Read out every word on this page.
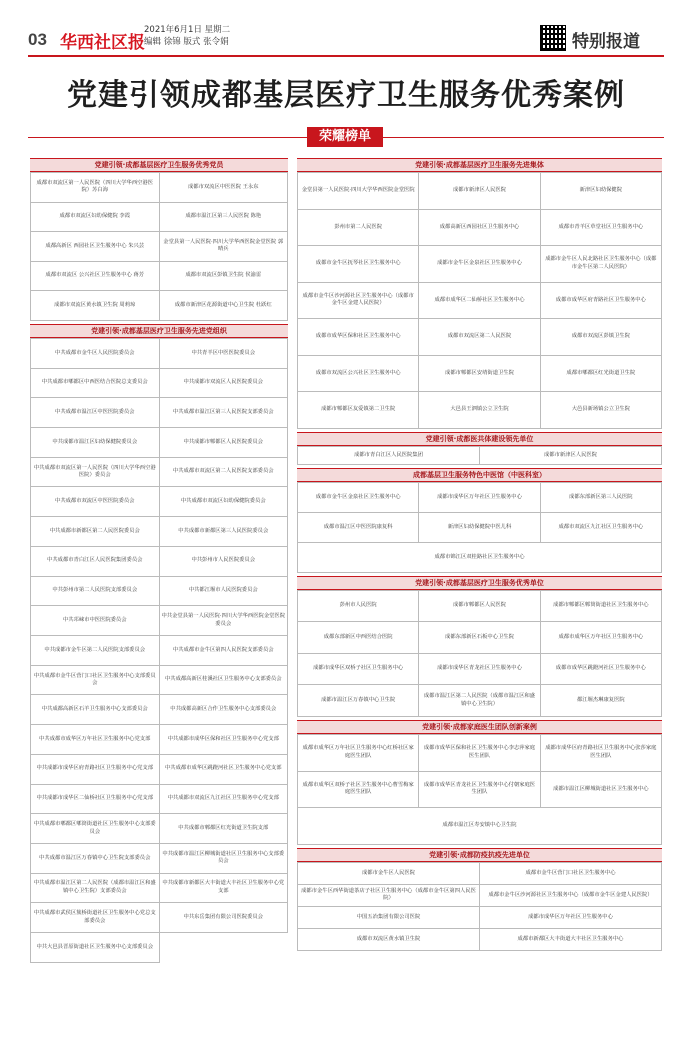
03 华西社区报
2021年6月1日 星期二
编辑 徐锦 版式 张令娟	特别报道
党建引领成都基层医疗卫生服务优秀案例
荣耀榜单
党建引领·成都基层医疗卫生服务优秀党员
成都市双流区第一人民医院（四川大学华西空港医院）苏白海	成都市双流区中医医院 王永东
成都市双流区妇幼保健院 李霞	成都市温江区第三人民医院 陈艳
成都高新区 西园社区卫生服务中心 朱兴芸	金堂县第一人民医院·四川大学华西医院金堂医院 郭晴兵
成都市双流区 公兴社区卫生服务中心 蒋芳	成都市双流区彭镇卫生院 侯渝雷
成都市双流区黄水镇卫生院 周莉琼	成都市新津区花源街道中心卫生院 杜跃红
党建引领·成都基层医疗卫生服务先进党组织
中共成都市金牛区人民医院委员会	中共青羊区中医医院委员会
中共成都市郫都区中西医结合医院总支委员会	中共成都市双流区人民医院委员会
中共成都市温江区中医医院委员会	中共成都市温江区第三人民医院支部委员会
中共成都市温江区妇幼保健院委员会	中共成都市郫都区人民医院委员会
中共成都市双流区第一人民医院（四川大学华西空港医院）委员会	中共成都市双流区第二人民医院支部委员会
中共成都市双流区中医医院委员会	中共成都市双流区妇幼保健院委员会
中共成都市新都区第二人民医院委员会	中共成都市新都区第三人民医院委员会
中共成都市青白江区人民医院集团委员会	中共彭州市人民医院委员会
中共彭州市第二人民医院支部委员会	中共都江堰市人民医院委员会
中共邛崃市中医医院委员会	中共金堂县第一人民医院·四川大学华西医院金堂医院委员会
中共成都市金牛区第二人民医院支部委员会	中共成都市金牛区第四人民医院支部委员会
中共成都市金牛区营门口社区卫生服务中心支部委员会	中共成都高新区桂溪社区卫生服务中心支部委员会
中共成都高新区石羊卫生服务中心支部委员会	中共成都高新区合作卫生服务中心支部委员会
中共成都市成华区万年社区卫生服务中心党支部	中共成都市成华区保和社区卫生服务中心党支部
中共成都市成华区府青路社区卫生服务中心党支部	中共成都市成华区跳蹬河社区卫生服务中心党支部
中共成都市成华区二仙桥社区卫生服务中心党支部	中共成都市双流区九江社区卫生服务中心党支部
中共成都市郫都区郫筒街道社区卫生服务中心支部委员会	中共成都市郫都区红光街道卫生院支部
中共成都市温江区万春镇中心卫生院支部委员会	中共成都市温江区柳城街道社区卫生服务中心支部委员会
中共成都市温江区第二人民医院（成都市温江区和盛镇中心卫生院）支部委员会	中共成都市新都区大丰街道大丰社区卫生服务中心党支部
中共成都市武侯区簇桥街道社区卫生服务中心党总支部委员会	中共东岳集团有限公司医院委员会
中共大邑县晋原街道社区卫生服务中心支部委员会	
党建引领·成都基层医疗卫生服务先进集体
金堂县第一人民医院·四川大学华西医院金堂医院	成都市新津区人民医院	新津区妇幼保健院
彭州市第二人民医院	成都高新区西园社区卫生服务中心	成都市青羊区草堂社区卫生服务中心
成都市金牛区抚琴社区卫生服务中心	成都市金牛区金泉社区卫生服务中心	成都市金牛区人民北路社区卫生服务中心（成都市金牛区第二人民医院）
成都市金牛区沙河源社区卫生服务中心（成都市金牛区金建人民医院）	成都市成华区二仙桥社区卫生服务中心	成都市成华区府青路社区卫生服务中心
成都市成华区保和社区卫生服务中心	成都市双流区第二人民医院	成都市双流区彭镇卫生院
成都市双流区公兴社区卫生服务中心	成都市郫都区安靖街道卫生院	成都市郫都区红光街道卫生院
成都市郫都区友爱镇第二卫生院	大邑县王泗镇公立卫生院	大邑县新场镇公立卫生院
党建引领·成都医共体建设领先单位
成都市青白江区人民医院集团	成都市新津区人民医院
成都基层卫生服务特色中医馆（中医科室）
成都市金牛区金泉社区卫生服务中心	成都市成华区万年社区卫生服务中心	成都东部新区第三人民医院
成都市温江区中医医院康复科	新津区妇幼保健院中医儿科	成都市双流区九江社区卫生服务中心
成都市锦江区双桂路社区卫生服务中心		
党建引领·成都基层医疗卫生服务优秀单位
彭州市人民医院	成都市郫都区人民医院	成都市郫都区郫筒街道社区卫生服务中心
成都东部新区中西医结合医院	成都东部新区石板中心卫生院	成都市成华区万年社区卫生服务中心
成都市成华区双桥子社区卫生服务中心	成都市成华区青龙社区卫生服务中心	成都市成华区跳蹬河社区卫生服务中心
成都市温江区万春镇中心卫生院	成都市温江区第二人民医院（成都市温江区和盛镇中心卫生院）	都江堰杰琳康复医院
党建引领·成都家庭医生团队创新案例
成都市成华区万年社区卫生服务中心红桥社区家庭医生团队	成都市成华区保和社区卫生服务中心李志萍家庭医生团队	成都市成华区府青路社区卫生服务中心张莎家庭医生团队
成都市成华区双桥子社区卫生服务中心曹雪梅家庭医生团队	成都市成华区青龙社区卫生服务中心付朝家庭医生团队	成都市温江区柳城街道社区卫生服务中心
成都市温江区寿安镇中心卫生院		
党建引领·成都防疫抗疫先进单位
成都市金牛区人民医院	成都市金牛区营门口社区卫生服务中心
成都市金牛区西华街道茶店子社区卫生服务中心（成都市金牛区第四人民医院）	成都市金牛区沙河源社区卫生服务中心（成都市金牛区金建人民医院）
中国五冶集团有限公司医院	成都市成华区万年社区卫生服务中心
成都市双流区黄水镇卫生院	成都市新都区大丰街道大丰社区卫生服务中心
